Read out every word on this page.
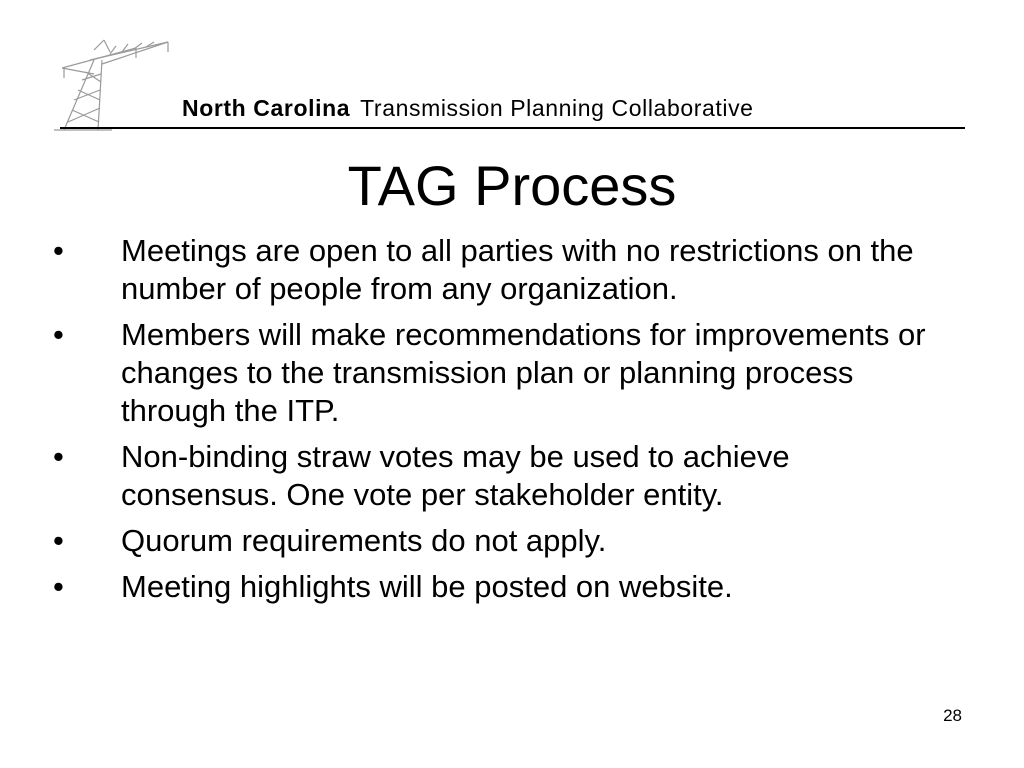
North Carolina Transmission Planning Collaborative
TAG Process
• Meetings are open to all parties with no restrictions on the number of people from any organization.
• Members will make recommendations for improvements or changes to the transmission plan or planning process through the ITP.
• Non-binding straw votes may be used to achieve consensus. One vote per stakeholder entity.
• Quorum requirements do not apply.
• Meeting highlights will be posted on website.
28
